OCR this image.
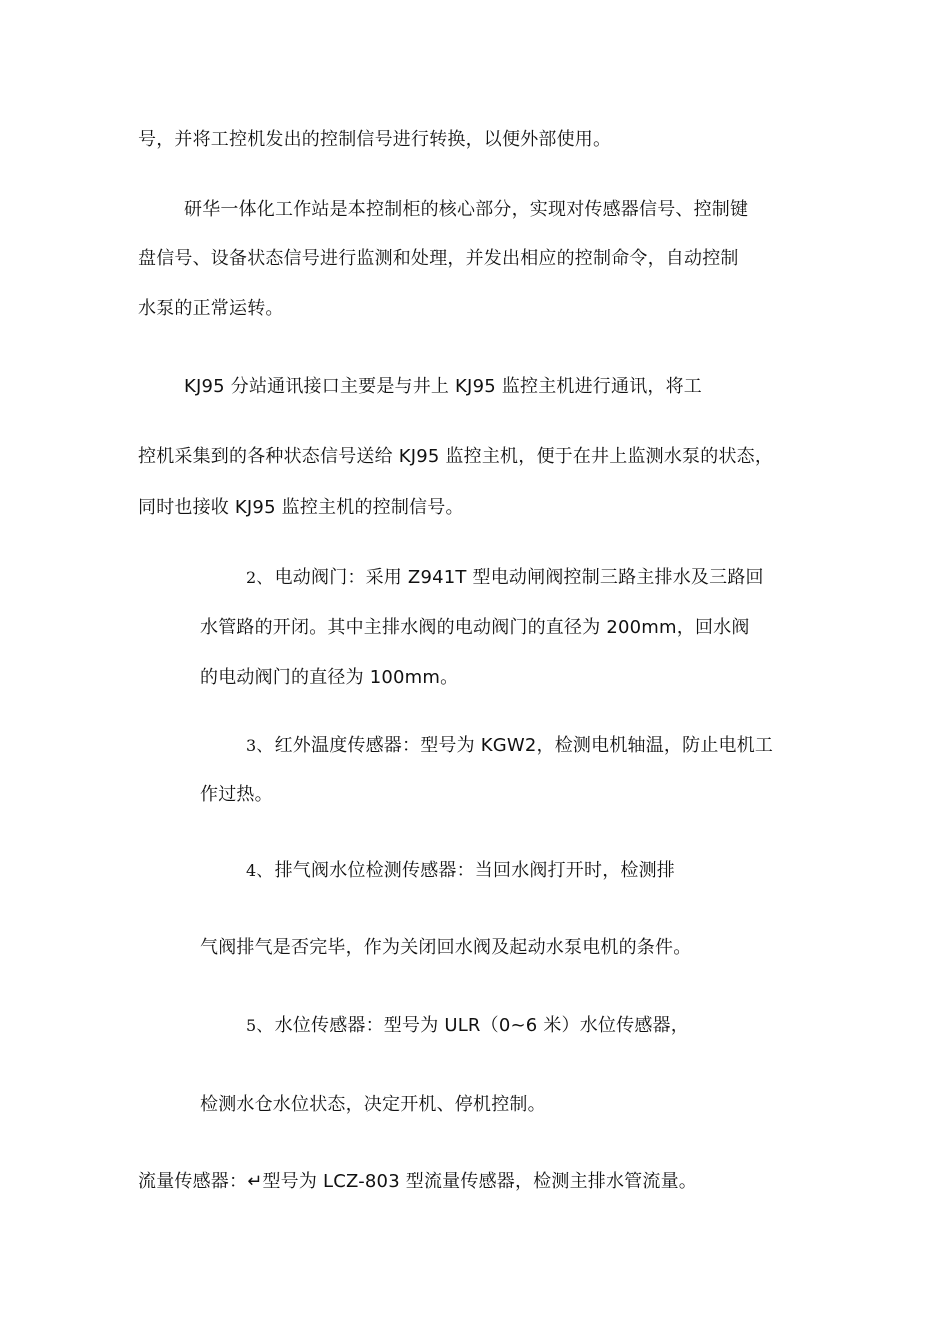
号，并将工控机发出的控制信号进行转换，以便外部使用。
研华一体化工作站是本控制柜的核心部分，实现对传感器信号、控制键
盘信号、设备状态信号进行监测和处理，并发出相应的控制命令，自动控制
水泵的正常运转。
KJ95 分站通讯接口主要是与井上 KJ95 监控主机进行通讯，将工
控机采集到的各种状态信号送给 KJ95 监控主机，便于在井上监测水泵的状态，
同时也接收 KJ95 监控主机的控制信号。
2、 电动阀门：采用 Z941T 型电动闸阀控制三路主排水及三路回
水管路的开闭。其中主排水阀的电动阀门的直径为 200mm，回水阀
的电动阀门的直径为 100mm。
3、 红外温度传感器：型号为 KGW2，检测电机轴温，防止电机工
作过热。
4、 排气阀水位检测传感器：当回水阀打开时，检测排
气阀排气是否完毕，作为关闭回水阀及起动水泵电机的条件。
5、 水位传感器：型号为 ULR（0~6 米）水位传感器，
检测水仓水位状态，决定开机、停机控制。
流量传感器：↵型号为 LCZ-803 型流量传感器，检测主排水管流量。
